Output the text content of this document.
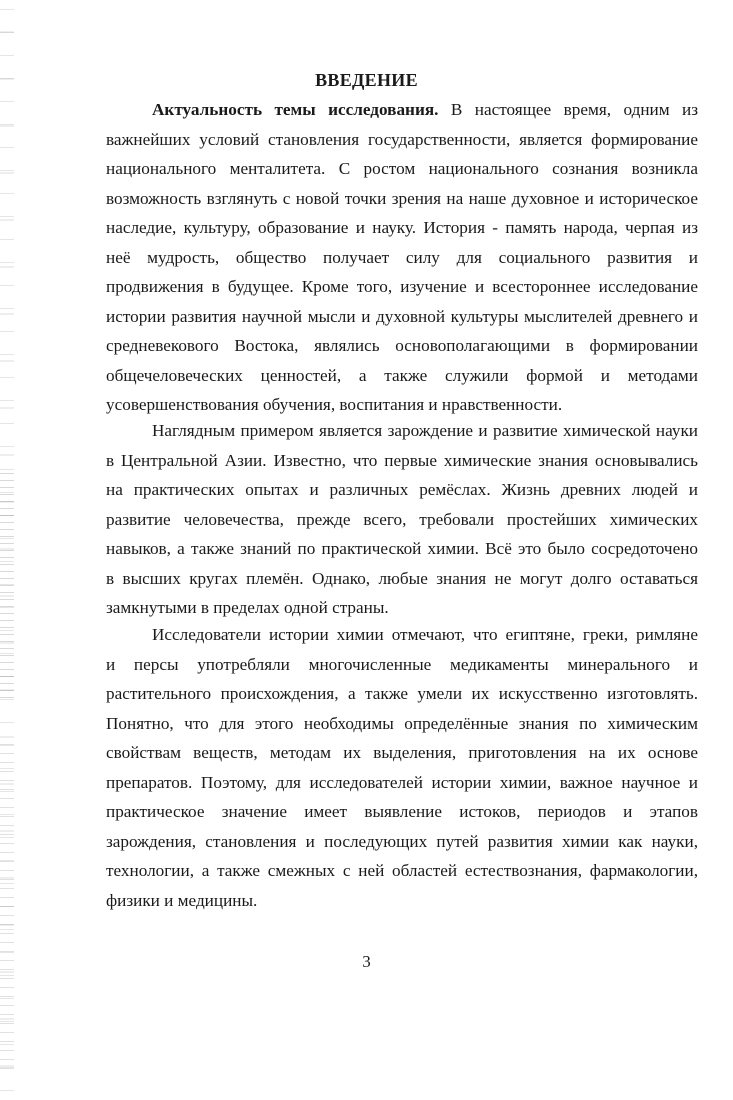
ВВЕДЕНИЕ

Актуальность темы исследования. В настоящее время, одним из
важнейших условий становления государственности, является формирование
национального менталитета. С ростом национального сознания возникла
возможность взглянуть с новой точки зрения на наше духовное и историческое
наследие, культуру, образование и науку. История - память народа, черпая из
неё мудрость, общество получает силу для социального развития и
продвижения в будущее. Кроме того, изучение и всестороннее исследование
истории развития научной мысли и духовной культуры мыслителей древнего и
средневекового Востока, являлись основополагающими в формировании
общечеловеческих ценностей, а также служили формой и методами
усовершенствования обучения, воспитания и нравственности.

Наглядным примером является зарождение и развитие химической науки
в Центральной Азии. Известно, что первые химические знания основывались
на практических опытах и различных ремёслах. Жизнь древних людей и
развитие человечества, прежде всего, требовали простейших химических
навыков, а также знаний по практической химии. Всё это было сосредоточено
в высших кругах племён. Однако, любые знания не могут долго оставаться
замкнутыми в пределах одной страны.

Исследователи истории химии отмечают, что египтяне, греки, римляне
и персы употребляли многочисленные медикаменты минерального и
растительного происхождения, а также умели их искусственно изготовлять.
Понятно, что для этого необходимы определённые знания по химическим
свойствам веществ, методам их выделения, приготовления на их основе
препаратов. Поэтому, для исследователей истории химии, важное научное и
практическое значение имеет выявление истоков, периодов и этапов
зарождения, становления и последующих путей развития химии как науки,
технологии, а также смежных с ней областей естествознания, фармакологии,
физики и медицины.

3
